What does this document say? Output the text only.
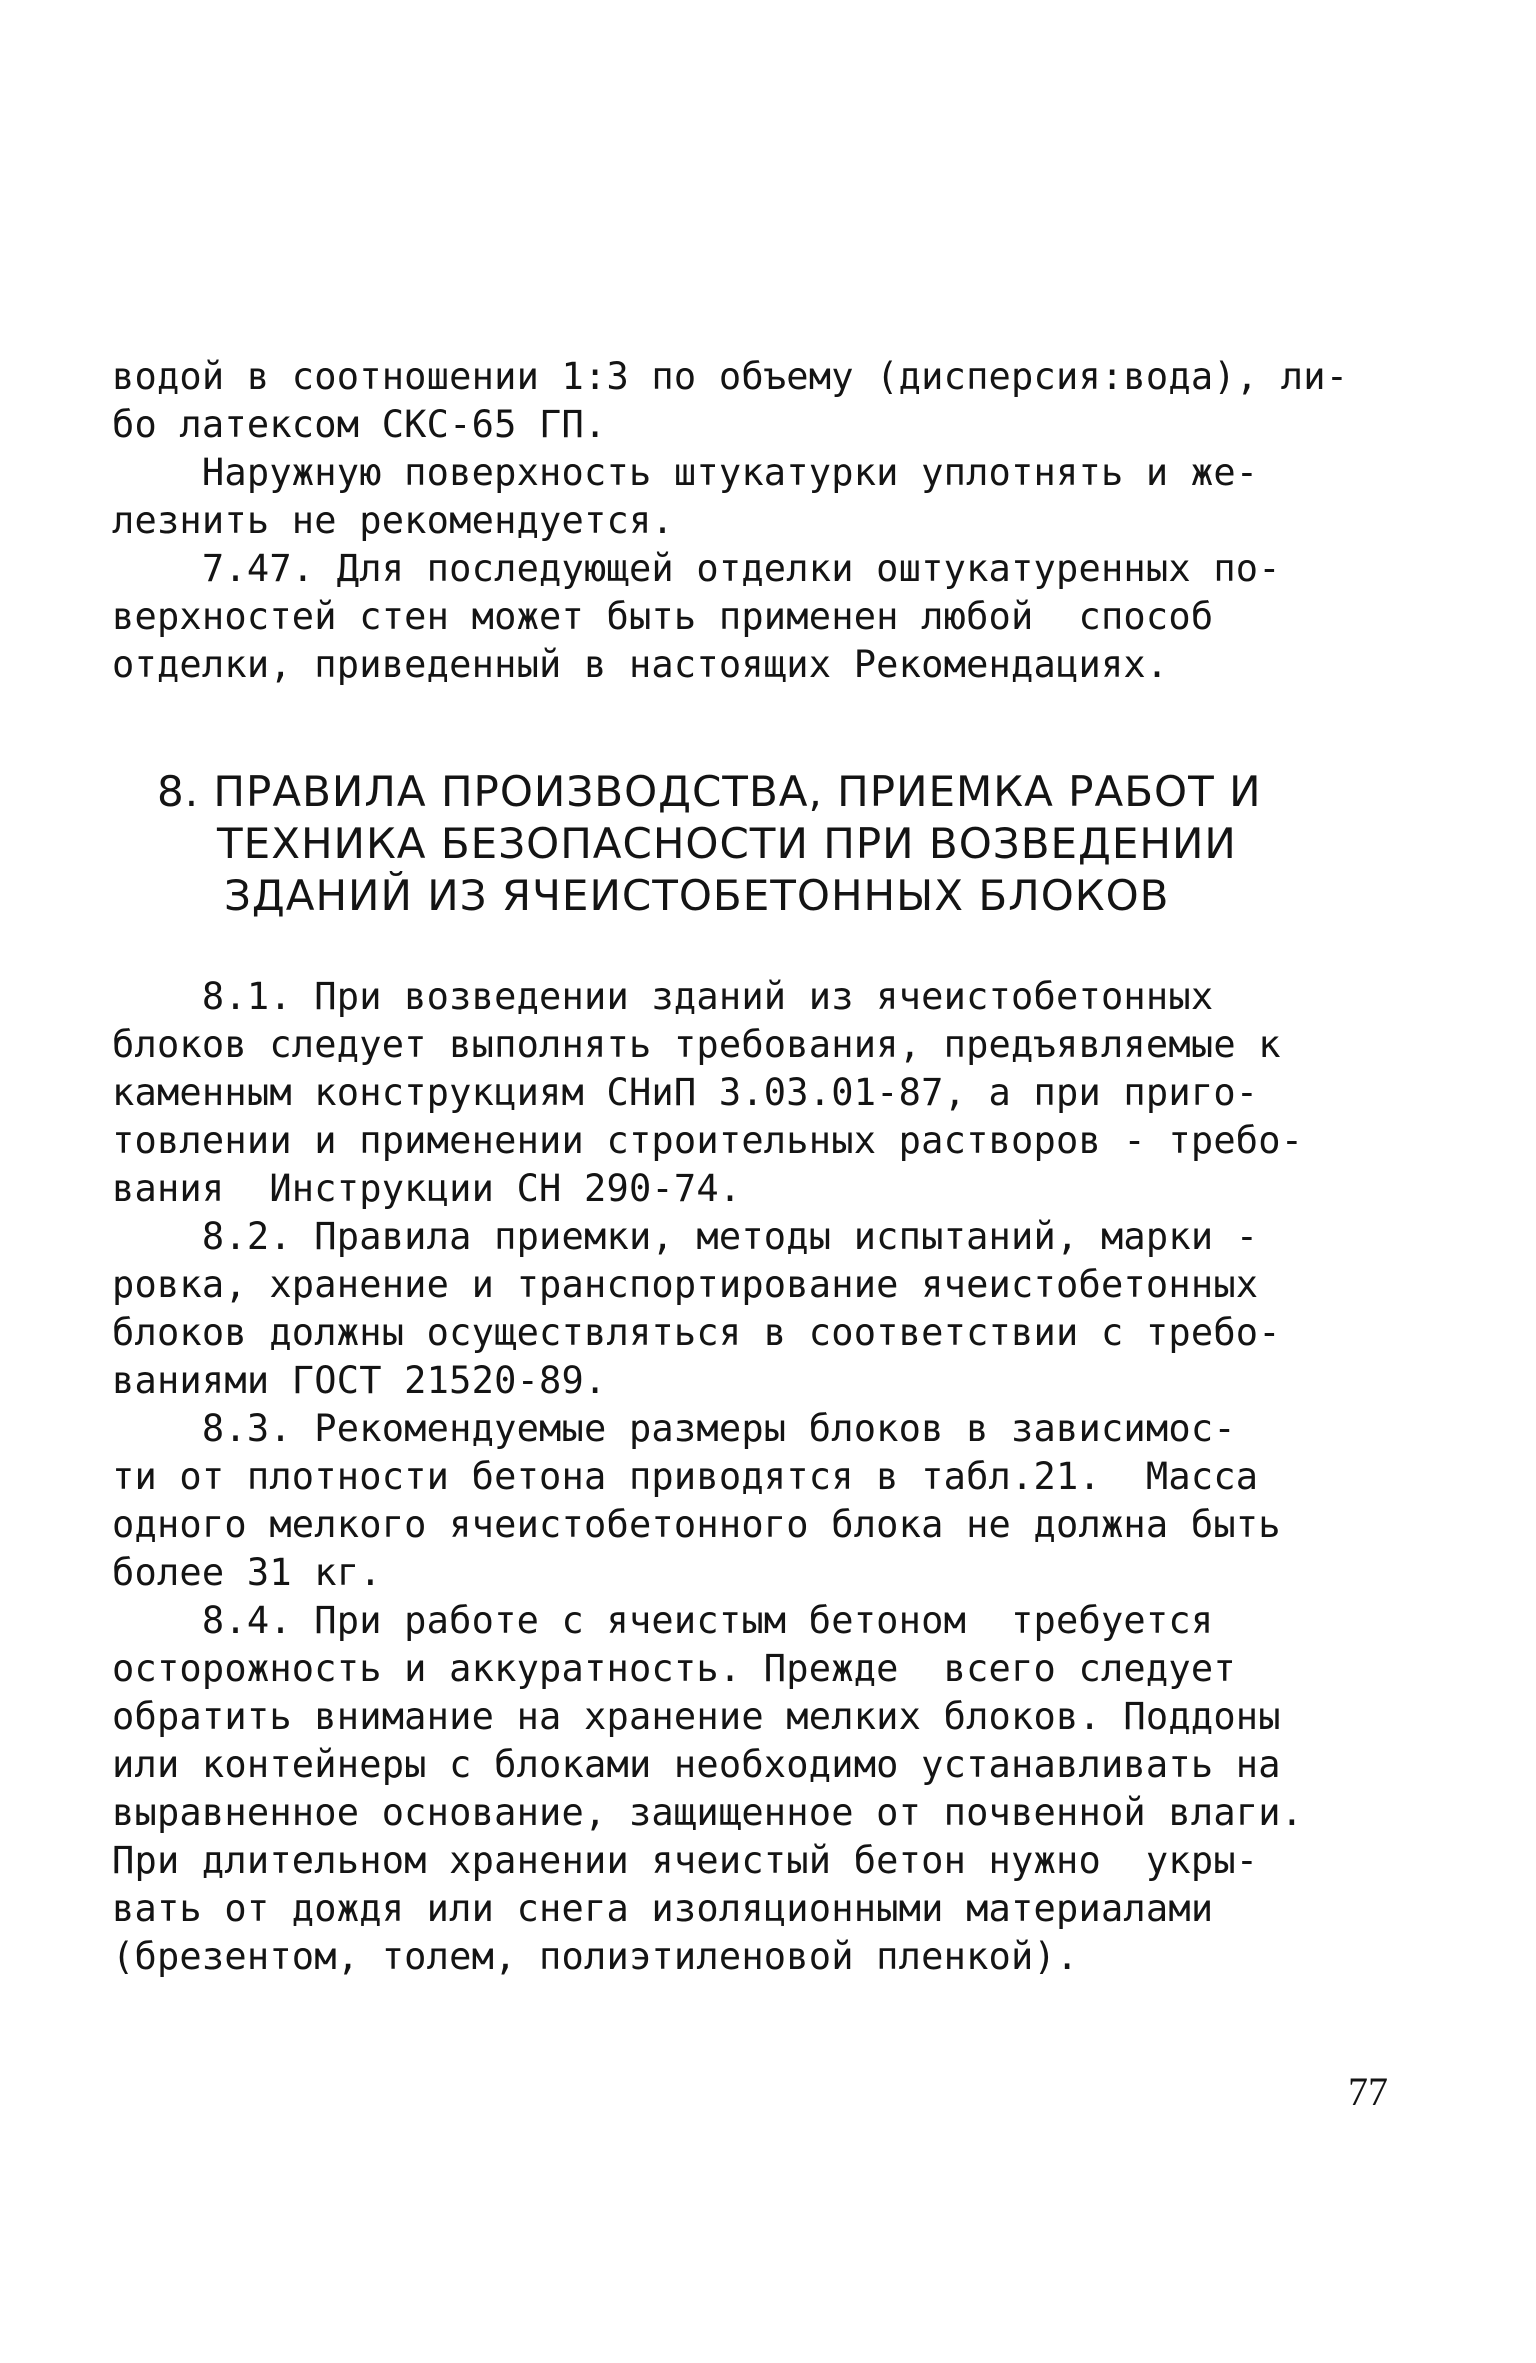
водой в соотношении 1:3 по объему (дисперсия:вода), ли-
бо латексом СКС-65 ГП.
Наружную поверхность штукатурки уплотнять и же-
лезнить не рекомендуется.
7.47. Для последующей отделки оштукатуренных по-
верхностей стен может быть применен любой  способ
отделки, приведенный в настоящих Рекомендациях.
8. ПРАВИЛА ПРОИЗВОДСТВА, ПРИЕМКА РАБОТ И
ТЕХНИКА БЕЗОПАСНОСТИ ПРИ ВОЗВЕДЕНИИ
ЗДАНИЙ ИЗ ЯЧЕИСТОБЕТОННЫХ БЛОКОВ
8.1. При возведении зданий из ячеистобетонных
блоков следует выполнять требования, предъявляемые к
каменным конструкциям СНиП 3.03.01-87, а при приго-
товлении и применении строительных растворов - требо-
вания  Инструкции СН 290-74.
8.2. Правила приемки, методы испытаний, марки -
ровка, хранение и транспортирование ячеистобетонных
блоков должны осуществляться в соответствии с требо-
ваниями ГОСТ 21520-89.
8.3. Рекомендуемые размеры блоков в зависимос-
ти от плотности бетона приводятся в табл.21.  Масса
одного мелкого ячеистобетонного блока не должна быть
более 31 кг.
8.4. При работе с ячеистым бетоном  требуется
осторожность и аккуратность. Прежде  всего следует
обратить внимание на хранение мелких блоков. Поддоны
или контейнеры с блоками необходимо устанавливать на
выравненное основание, защищенное от почвенной влаги.
При длительном хранении ячеистый бетон нужно  укры-
вать от дождя или снега изоляционными материалами
(брезентом, толем, полиэтиленовой пленкой).
77
